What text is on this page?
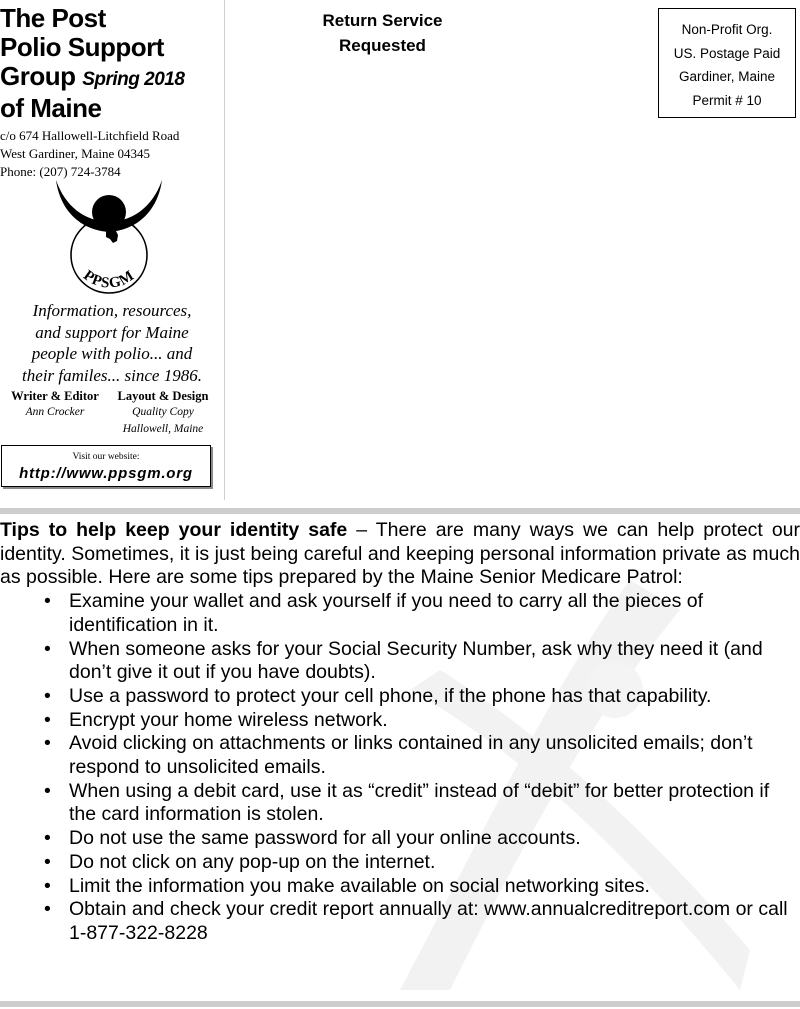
The Post
Polio Support
Group Spring 2018
of Maine
c/o 674 Hallowell-Litchfield Road
West Gardiner, Maine 04345
Phone: (207) 724-3784
PPSGM
Information, resources,
and support for Maine
people with polio... and
their familes... since 1986.
Writer & Editor
Ann Crocker
Layout & Design
Quality Copy
Hallowell, Maine
Visit our website:
http://www.ppsgm.org
Return Service
Requested
Non-Profit Org.
US. Postage Paid
Gardiner, Maine
Permit # 10

Tips to help keep your identity safe – There are many ways we can help protect our identity. Sometimes, it is just being careful and keeping personal information private as much as possible. Here are some tips prepared by the Maine Senior Medicare Patrol:

• Examine your wallet and ask yourself if you need to carry all the pieces of identification in it.
• When someone asks for your Social Security Number, ask why they need it (and don’t give it out if you have doubts).
• Use a password to protect your cell phone, if the phone has that capability.
• Encrypt your home wireless network.
• Avoid clicking on attachments or links contained in any unsolicited emails; don’t respond to unsolicited emails.
• When using a debit card, use it as “credit” instead of “debit” for better protection if the card information is stolen.
• Do not use the same password for all your online accounts.
• Do not click on any pop-up on the internet.
• Limit the information you make available on social networking sites.
• Obtain and check your credit report annually at: www.annualcreditreport.com or call 1-877-322-8228
